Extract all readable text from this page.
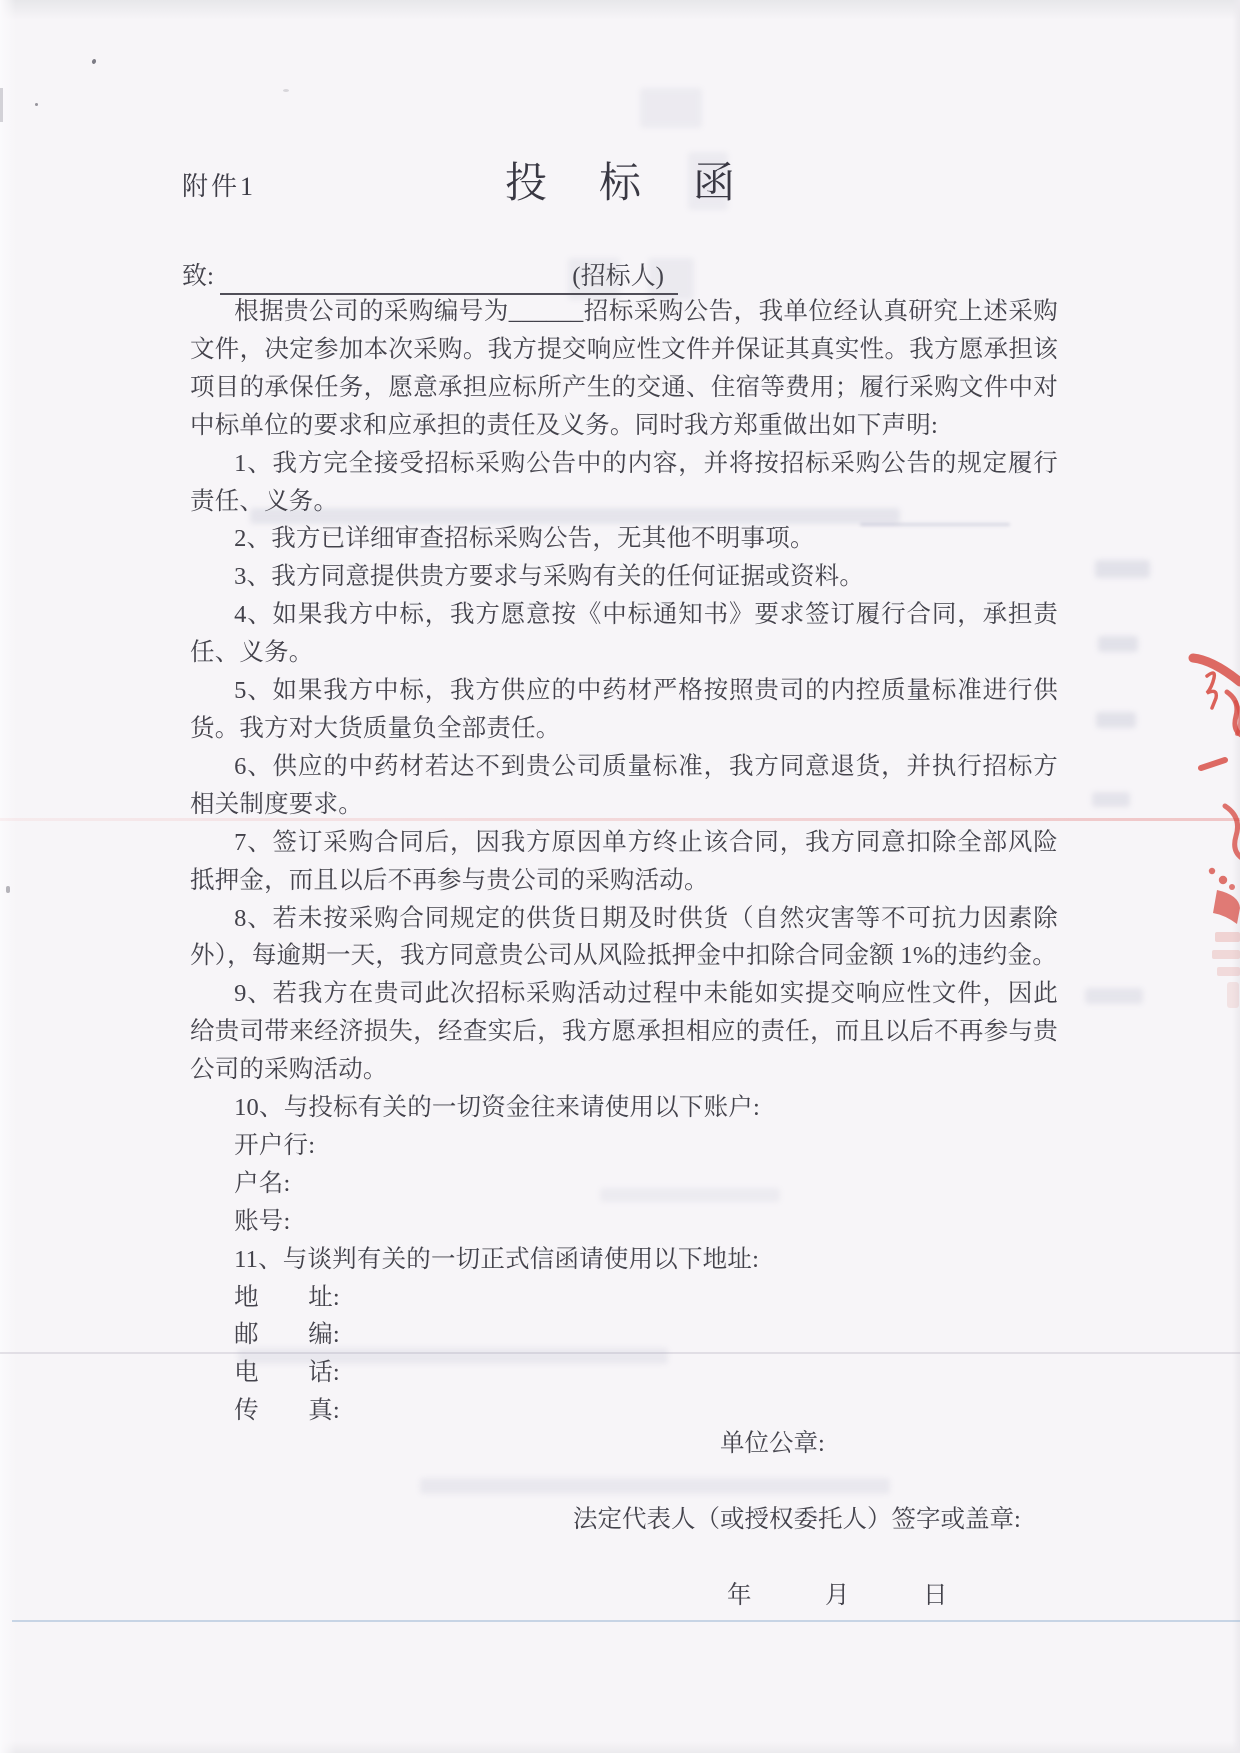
附件1	投标函
致:	(招标人)

根据贵公司的采购编号为______招标采购公告，我单位经认真研究上述采购文件，决定参加本次采购。我方提交响应性文件并保证其真实性。我方愿承担该项目的承保任务，愿意承担应标所产生的交通、住宿等费用；履行采购文件中对中标单位的要求和应承担的责任及义务。同时我方郑重做出如下声明:

1、我方完全接受招标采购公告中的内容，并将按招标采购公告的规定履行责任、义务。

2、我方已详细审查招标采购公告，无其他不明事项。

3、我方同意提供贵方要求与采购有关的任何证据或资料。

4、如果我方中标，我方愿意按《中标通知书》要求签订履行合同，承担责任、义务。

5、如果我方中标，我方供应的中药材严格按照贵司的内控质量标准进行供货。我方对大货质量负全部责任。

6、供应的中药材若达不到贵公司质量标准，我方同意退货，并执行招标方相关制度要求。

7、签订采购合同后，因我方原因单方终止该合同，我方同意扣除全部风险抵押金，而且以后不再参与贵公司的采购活动。

8、若未按采购合同规定的供货日期及时供货（自然灾害等不可抗力因素除外），每逾期一天，我方同意贵公司从风险抵押金中扣除合同金额 1%的违约金。

9、若我方在贵司此次招标采购活动过程中未能如实提交响应性文件，因此给贵司带来经济损失，经查实后，我方愿承担相应的责任，而且以后不再参与贵公司的采购活动。

10、与投标有关的一切资金往来请使用以下账户:

开户行:

户名:

账号:

11、与谈判有关的一切正式信函请使用以下地址:

地　　址:

邮　　编:

电　　话:

传　　真:

单位公章:
法定代表人（或授权委托人）签字或盖章:
年　　　月　　　日
